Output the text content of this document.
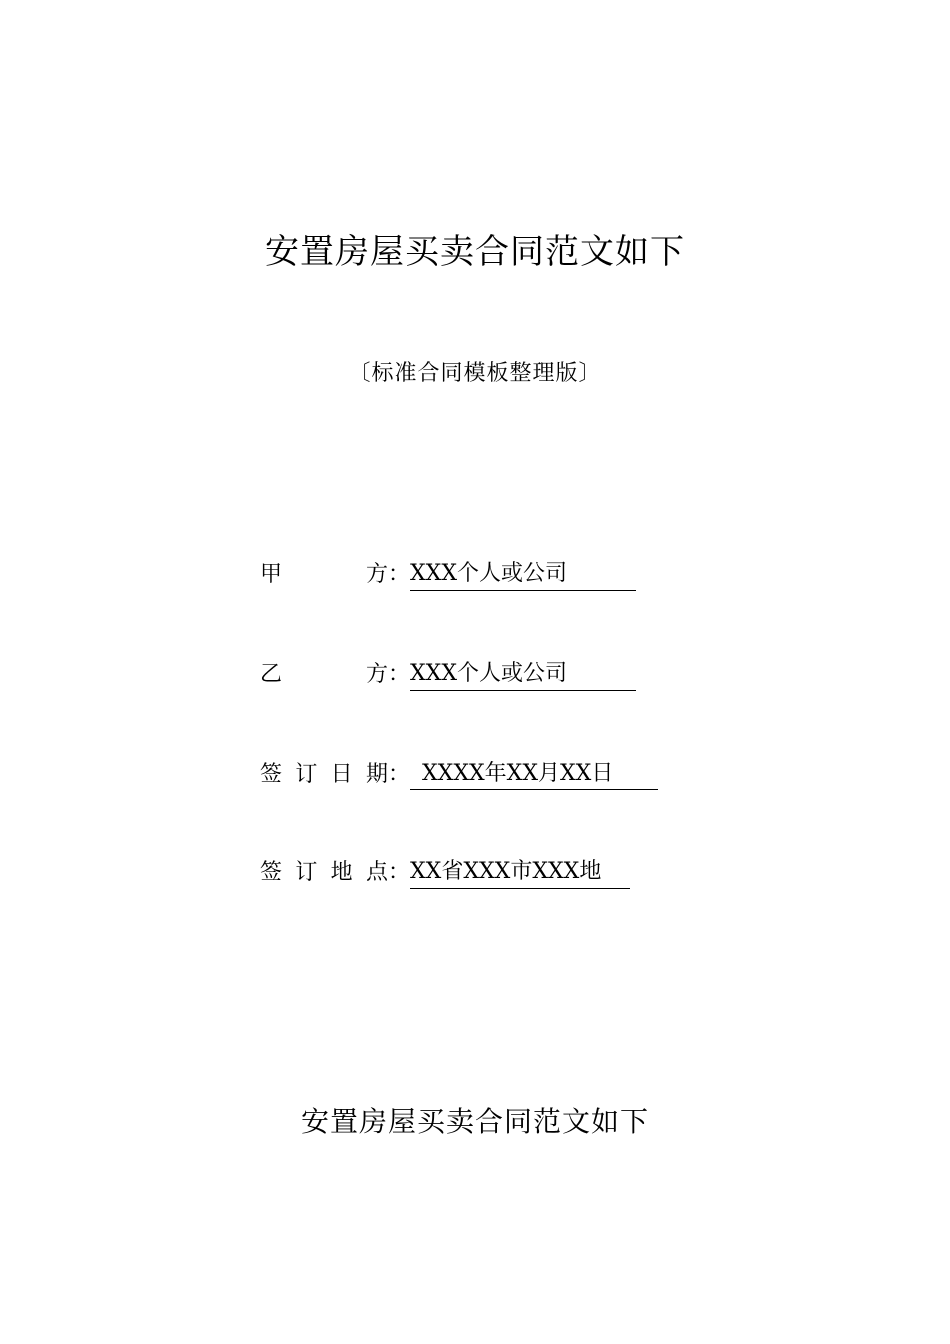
安置房屋买卖合同范文如下
〔标准合同模板整理版〕
甲　　方：XXX个人或公司
乙　　方：XXX个人或公司
签订日期： XXXX年XX月XX日
签订地点：XX省XXX市XXX地
安置房屋买卖合同范文如下
